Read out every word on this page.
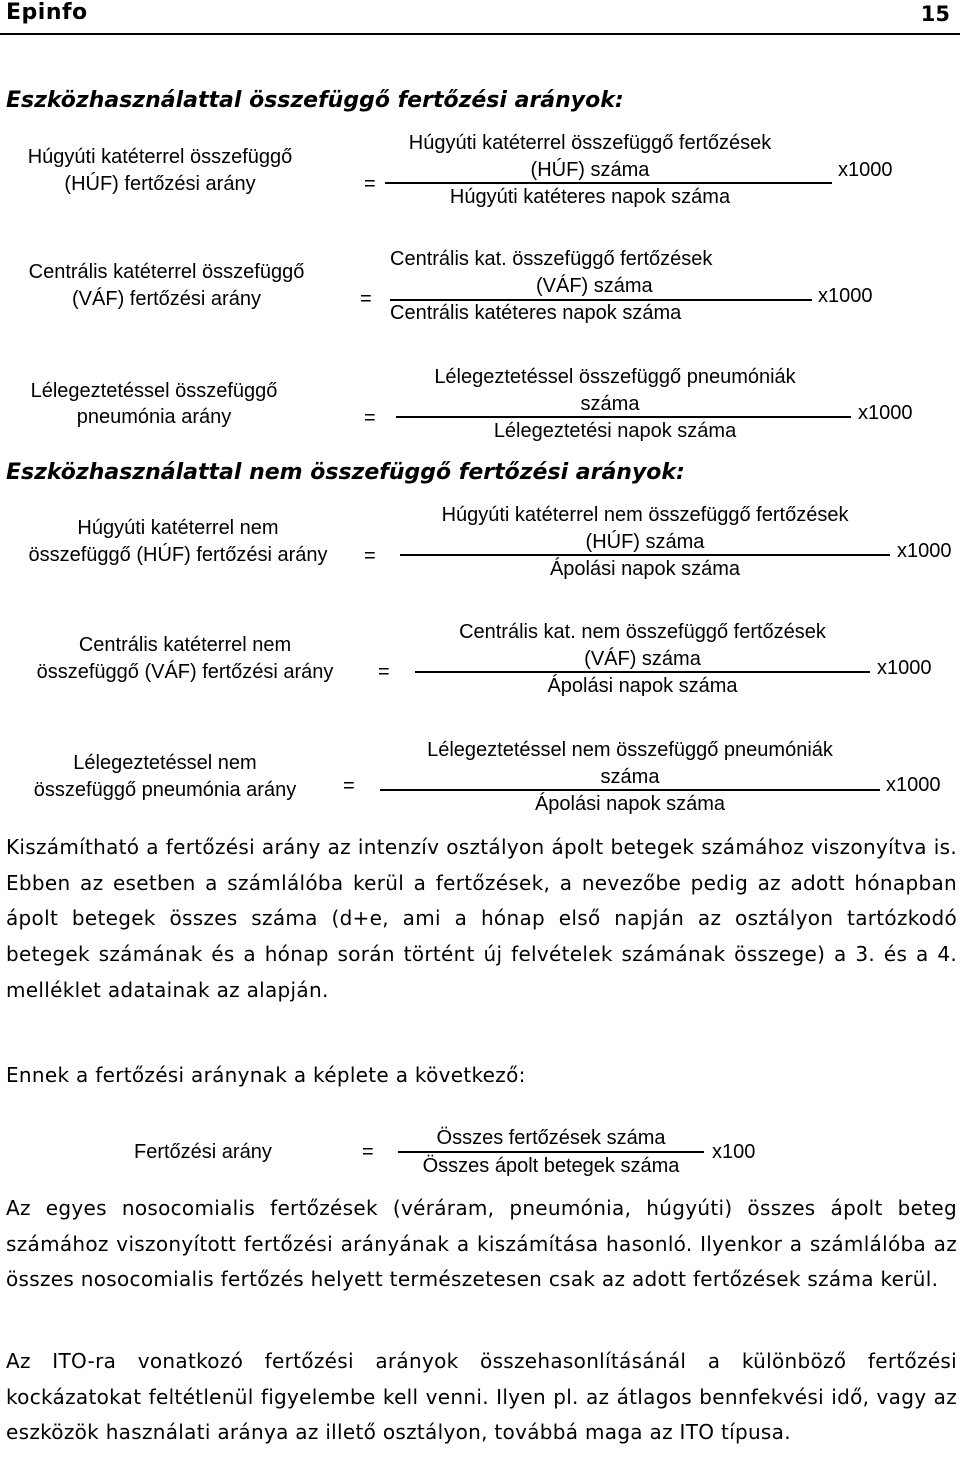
Epinfo	15
Eszközhasználattal összefüggő fertőzési arányok:
Húgyúti katéterrel összefüggő
(HÚF) fertőzési arány	=
Húgyúti katéterrel összefüggő fertőzések
(HÚF) száma
Húgyúti katéteres napok száma
x1000
Centrális katéterrel összefüggő
(VÁF) fertőzési arány	=
Centrális kat. összefüggő fertőzések
(VÁF) száma
Centrális katéteres napok száma
x1000
Lélegeztetéssel összefüggő
pneumónia arány	=
Lélegeztetéssel összefüggő pneumóniák
száma
Lélegeztetési napok száma
x1000
Eszközhasználattal nem összefüggő fertőzési arányok:
Húgyúti katéterrel nem
összefüggő (HÚF) fertőzési arány	=
Húgyúti katéterrel nem összefüggő fertőzések
(HÚF) száma
Ápolási napok száma
x1000
Centrális katéterrel nem
összefüggő (VÁF) fertőzési arány	=
Centrális kat. nem összefüggő fertőzések
(VÁF) száma
Ápolási napok száma
x1000
Lélegeztetéssel nem
összefüggő pneumónia arány	=
Lélegeztetéssel nem összefüggő pneumóniák
száma
Ápolási napok száma
x1000
Kiszámítható a fertőzési arány az intenzív osztályon ápolt betegek számához viszonyítva is. Ebben az esetben a számlálóba kerül a fertőzések, a nevezőbe pedig az adott hónapban ápolt betegek összes száma (d+e, ami a hónap első napján az osztályon tartózkodó betegek számának és a hónap során történt új felvételek számának összege) a 3. és a 4. melléklet adatainak az alapján.
Ennek a fertőzési aránynak a képlete a következő:
Fertőzési arány	=
Összes fertőzések száma
Összes ápolt betegek száma
x100
Az egyes nosocomialis fertőzések (véráram, pneumónia, húgyúti) összes ápolt beteg számához viszonyított fertőzési arányának a kiszámítása hasonló. Ilyenkor a számlálóba az összes nosocomialis fertőzés helyett természetesen csak az adott fertőzések száma kerül.
Az ITO-ra vonatkozó fertőzési arányok összehasonlításánál a különböző fertőzési kockázatokat feltétlenül figyelembe kell venni. Ilyen pl. az átlagos bennfekvési idő, vagy az eszközök használati aránya az illető osztályon, továbbá maga az ITO típusa.
